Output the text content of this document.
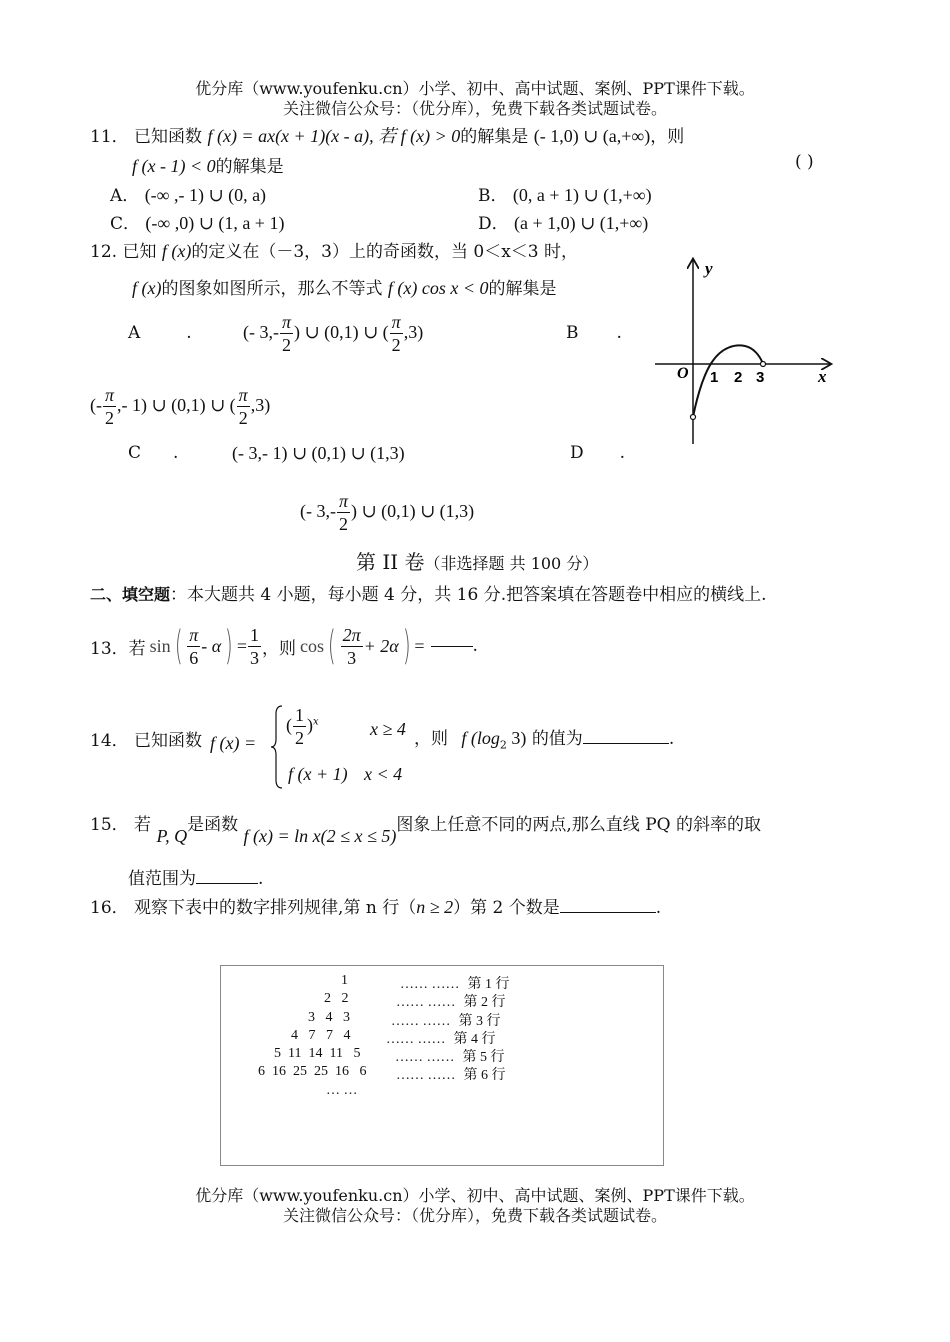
优分库（www.youfenku.cn）小学、初中、高中试题、案例、PPT课件下载。
关注微信公众号：（优分库），免费下载各类试题试卷。
11． 已知函数 f (x) = ax(x + 1)(x - a), 若 f (x) > 0的解集是 (- 1,0) ∪ (a,+∞)，则
f (x - 1) < 0的解集是	( )
A． (-∞ ,- 1) ∪ (0, a)	B． (0, a + 1) ∪ (1,+∞)
C． (-∞ ,0) ∪ (1, a + 1)	D． (a + 1,0) ∪ (1,+∞)
12. 已知 f (x)的定义在（－3，3）上的奇函数，当 0＜x＜3 时，
f (x)的图象如图所示，那么不等式 f (x) cos x < 0的解集是
y
x
O 1 2 3
A	.	(- $3,- \frac{\pi}{2}$ ) ∪ (0,1) ∪ ( $\frac{\pi}{2} ,3$)	B .
(- $\frac{\pi}{2}$ ,- 1) ∪ (0,1) ∪ ( $\frac{\pi}{2} ,3$)
C .	(- 3,- 1) ∪ (0,1) ∪ (1,3)	D .
(- $3,- \frac{\pi}{2}$ ) ∪ (0,1) ∪ (1,3)
第 II 卷（非选择题 共 100 分）
二、填空题：本大题共 4 小题，每小题 4 分，共 16 分.把答案填在答题卷中相应的横线上.
13． 若 sin ( $\frac{\pi}{6}$ - α ) = $\frac{1}{3}$ ，则 cos ( $\frac{2\pi}{3} + 2\alpha$ ) =	.
14． 已知函数 f (x) =
( $\frac{1}{2} )^x$	x ≥ 4
f (x + 1) x < 4
，则 f ($\log_2$ 3) 的值为	.
15． 若 P, Q是函数 f (x) = ln x(2 ≤ x ≤ 5)图象上任意不同的两点,那么直线 PQ 的斜率的取
值范围为	.
16． 观察下表中的数字排列规律,第 n 行（n ≥ 2）第 2 个数是	.
1	…… …… 第 1 行
2   2	…… …… 第 2 行
3   4   3	…… …… 第 3 行
4   7   7   4	…… …… 第 4 行
5  11  14  11   5 …… …… 第 5 行
6  16  25  25  16   6 …… …… 第 6 行
… …
优分库（www.youfenku.cn）小学、初中、高中试题、案例、PPT课件下载。
关注微信公众号：（优分库），免费下载各类试题试卷。
